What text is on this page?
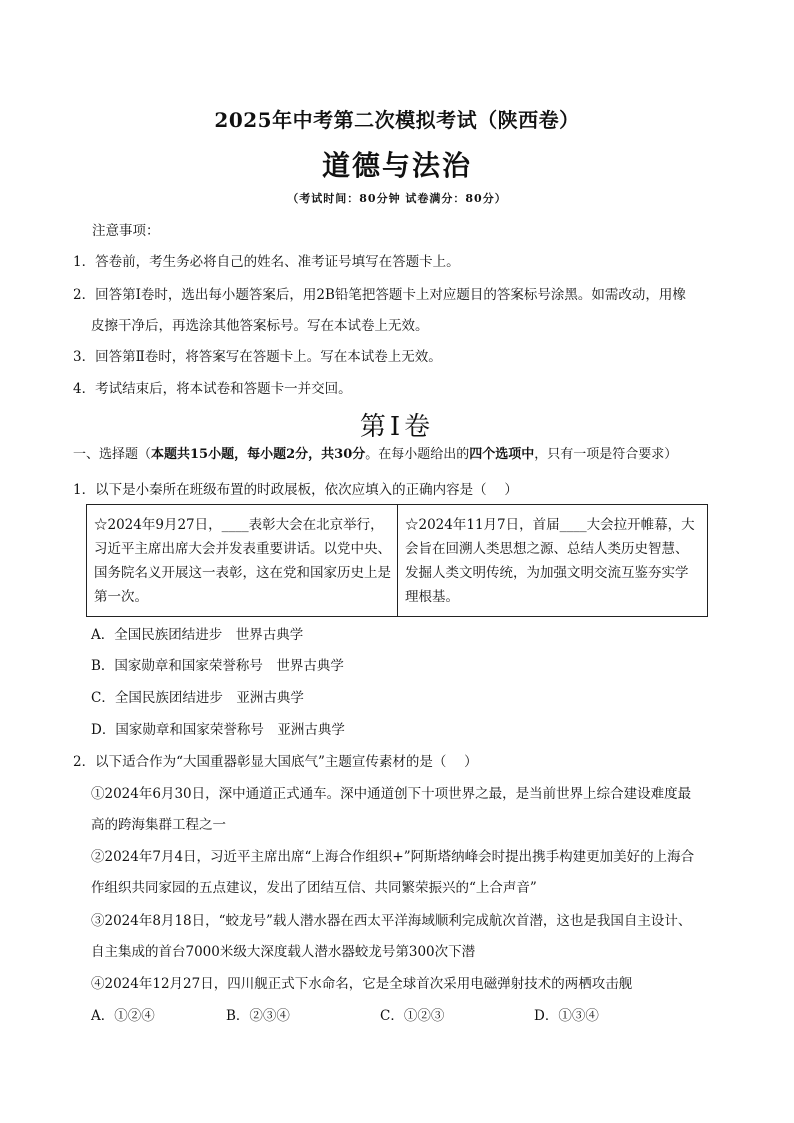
2025年中考第二次模拟考试（陕西卷）
道德与法治
（考试时间：80分钟 试卷满分：80分）
注意事项：
1．答卷前，考生务必将自己的姓名、准考证号填写在答题卡上。
2．回答第Ⅰ卷时，选出每小题答案后，用2B铅笔把答题卡上对应题目的答案标号涂黑。如需改动，用橡
皮擦干净后，再选涂其他答案标号。写在本试卷上无效。
3．回答第Ⅱ卷时，将答案写在答题卡上。写在本试卷上无效。
4．考试结束后，将本试卷和答题卡一并交回。
第Ⅰ卷
一、选择题（本题共15小题，每小题2分，共30分。在每小题给出的四个选项中，只有一项是符合要求）
1．以下是小秦所在班级布置的时政展板，依次应填入的正确内容是（　 ）
☆2024年9月27日，____表彰大会在北京举行，习近平主席出席大会并发表重要讲话。以党中央、国务院名义开展这一表彰，这在党和国家历史上是第一次。
☆2024年11月7日，首届____大会拉开帷幕，大会旨在回溯人类思想之源、总结人类历史智慧、发掘人类文明传统，为加强文明交流互鉴夯实学理根基。
A．全国民族团结进步　世界古典学
B．国家勋章和国家荣誉称号　世界古典学
C．全国民族团结进步　亚洲古典学
D．国家勋章和国家荣誉称号　亚洲古典学
2．以下适合作为“大国重器彰显大国底气”主题宣传素材的是（　 ）
①2024年6月30日，深中通道正式通车。深中通道创下十项世界之最，是当前世界上综合建设难度最
高的跨海集群工程之一
②2024年7月4日，习近平主席出席“上海合作组织+”阿斯塔纳峰会时提出携手构建更加美好的上海合
作组织共同家园的五点建议，发出了团结互信、共同繁荣振兴的“上合声音”
③2024年8月18日，“蛟龙号”载人潜水器在西太平洋海域顺利完成航次首潜，这也是我国自主设计、
自主集成的首台7000米级大深度载人潜水器蛟龙号第300次下潜
④2024年12月27日，四川舰正式下水命名，它是全球首次采用电磁弹射技术的两栖攻击舰
A．①②④	B．②③④	C．①②③	D．①③④
